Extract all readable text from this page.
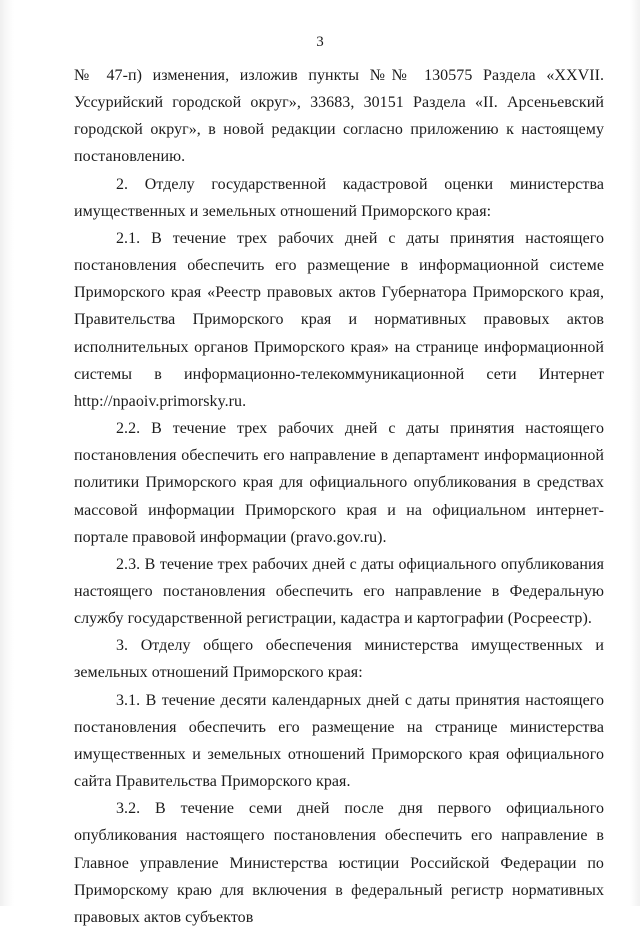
3

№ 47-п) изменения, изложив пункты №№ 130575 Раздела «XXVII. Уссурийский городской округ», 33683, 30151 Раздела «II. Арсеньевский городской округ», в новой редакции согласно приложению к настоящему постановлению.

2. Отделу государственной кадастровой оценки министерства имущественных и земельных отношений Приморского края:

2.1. В течение трех рабочих дней с даты принятия настоящего постановления обеспечить его размещение в информационной системе Приморского края «Реестр правовых актов Губернатора Приморского края, Правительства Приморского края и нормативных правовых актов исполнительных органов Приморского края» на странице информационной системы в информационно-телекоммуникационной сети Интернет http://npaoiv.primorsky.ru.

2.2. В течение трех рабочих дней с даты принятия настоящего постановления обеспечить его направление в департамент информационной политики Приморского края для официального опубликования в средствах массовой информации Приморского края и на официальном интернет-портале правовой информации (pravo.gov.ru).

2.3. В течение трех рабочих дней с даты официального опубликования настоящего постановления обеспечить его направление в Федеральную службу государственной регистрации, кадастра и картографии (Росреестр).

3. Отделу общего обеспечения министерства имущественных и земельных отношений Приморского края:

3.1. В течение десяти календарных дней с даты принятия настоящего постановления обеспечить его размещение на странице министерства имущественных и земельных отношений Приморского края официального сайта Правительства Приморского края.

3.2. В течение семи дней после дня первого официального опубликования настоящего постановления обеспечить его направление в Главное управление Министерства юстиции Российской Федерации по Приморскому краю для включения в федеральный регистр нормативных правовых актов субъектов
